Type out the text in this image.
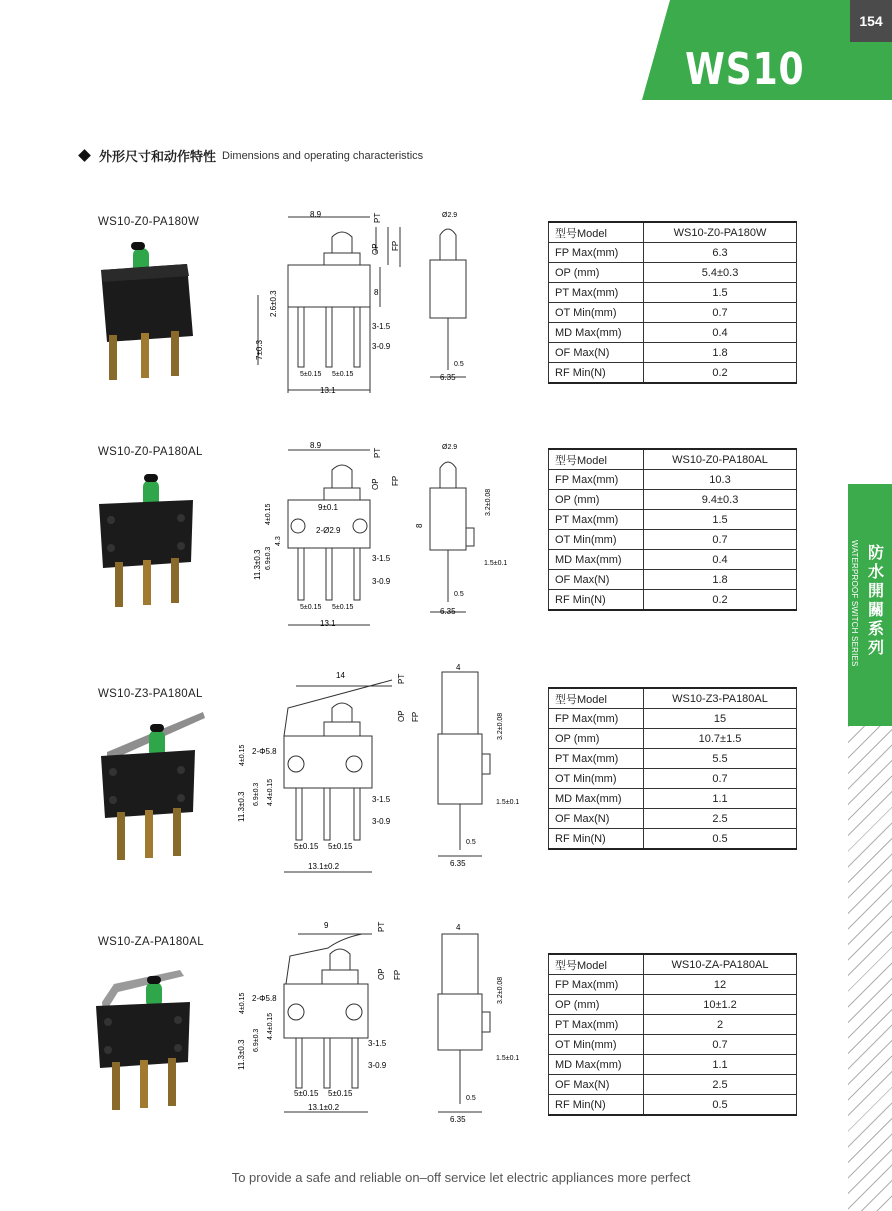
154
WS10
外形尺寸和动作特性 Dimensions and operating characteristics
WATERPROOF SWITCH SERIES 防水開關系列
WS10-Z0-PA180W
8.9	PT
OP FP
8
2.6±0.3
7±0.3
3-1.5
3-0.9
5±0.15 5±0.15
13.1
Ø2.9
0.5
6.35
型号Model	WS10-Z0-PA180W
FP Max(mm)	6.3
OP (mm)	5.4±0.3
PT Max(mm)	1.5
OT Min(mm)	0.7
MD Max(mm)	0.4
OF Max(N)	1.8
RF Min(N)	0.2
WS10-Z0-PA180AL
8.9
PT
OP FP
9±0.1
2-Ø2.9
4±0.15
6.9±0.3
11.3±0.3
4.3
3-1.5
3-0.9
5±0.15 5±0.15
13.1
Ø2.9
3.2±0.08
8
1.5±0.1
0.5
6.35
型号Model	WS10-Z0-PA180AL
FP Max(mm)	10.3
OP (mm)	9.4±0.3
PT Max(mm)	1.5
OT Min(mm)	0.7
MD Max(mm)	0.4
OF Max(N)	1.8
RF Min(N)	0.2
WS10-Z3-PA180AL
14	PT
OP FP
2-Φ5.8
4±0.15
6.9±0.3 4.4±0.15
11.3±0.3	3-1.5
3-0.9
5±0.15 5±0.15
13.1±0.2
4
3.2±0.08
1.5±0.1
0.5
6.35
型号Model	WS10-Z3-PA180AL
FP Max(mm)	15
OP (mm)	10.7±1.5
PT Max(mm)	5.5
OT Min(mm)	0.7
MD Max(mm)	1.1
OF Max(N)	2.5
RF Min(N)	0.5
WS10-ZA-PA180AL
9	PT
OP FP
2-Φ5.8
4±0.15
6.9±0.3
4.4±0.15
11.3±0.3	3-1.5
3-0.9
5±0.15 5±0.15
13.1±0.2
4
3.2±0.08
1.5±0.1
0.5
6.35
型号Model	WS10-ZA-PA180AL
FP Max(mm)	12
OP (mm)	10±1.2
PT Max(mm)	2
OT Min(mm)	0.7
MD Max(mm)	1.1
OF Max(N)	2.5
RF Min(N)	0.5
To provide a safe and reliable on–off service let electric appliances more perfect
